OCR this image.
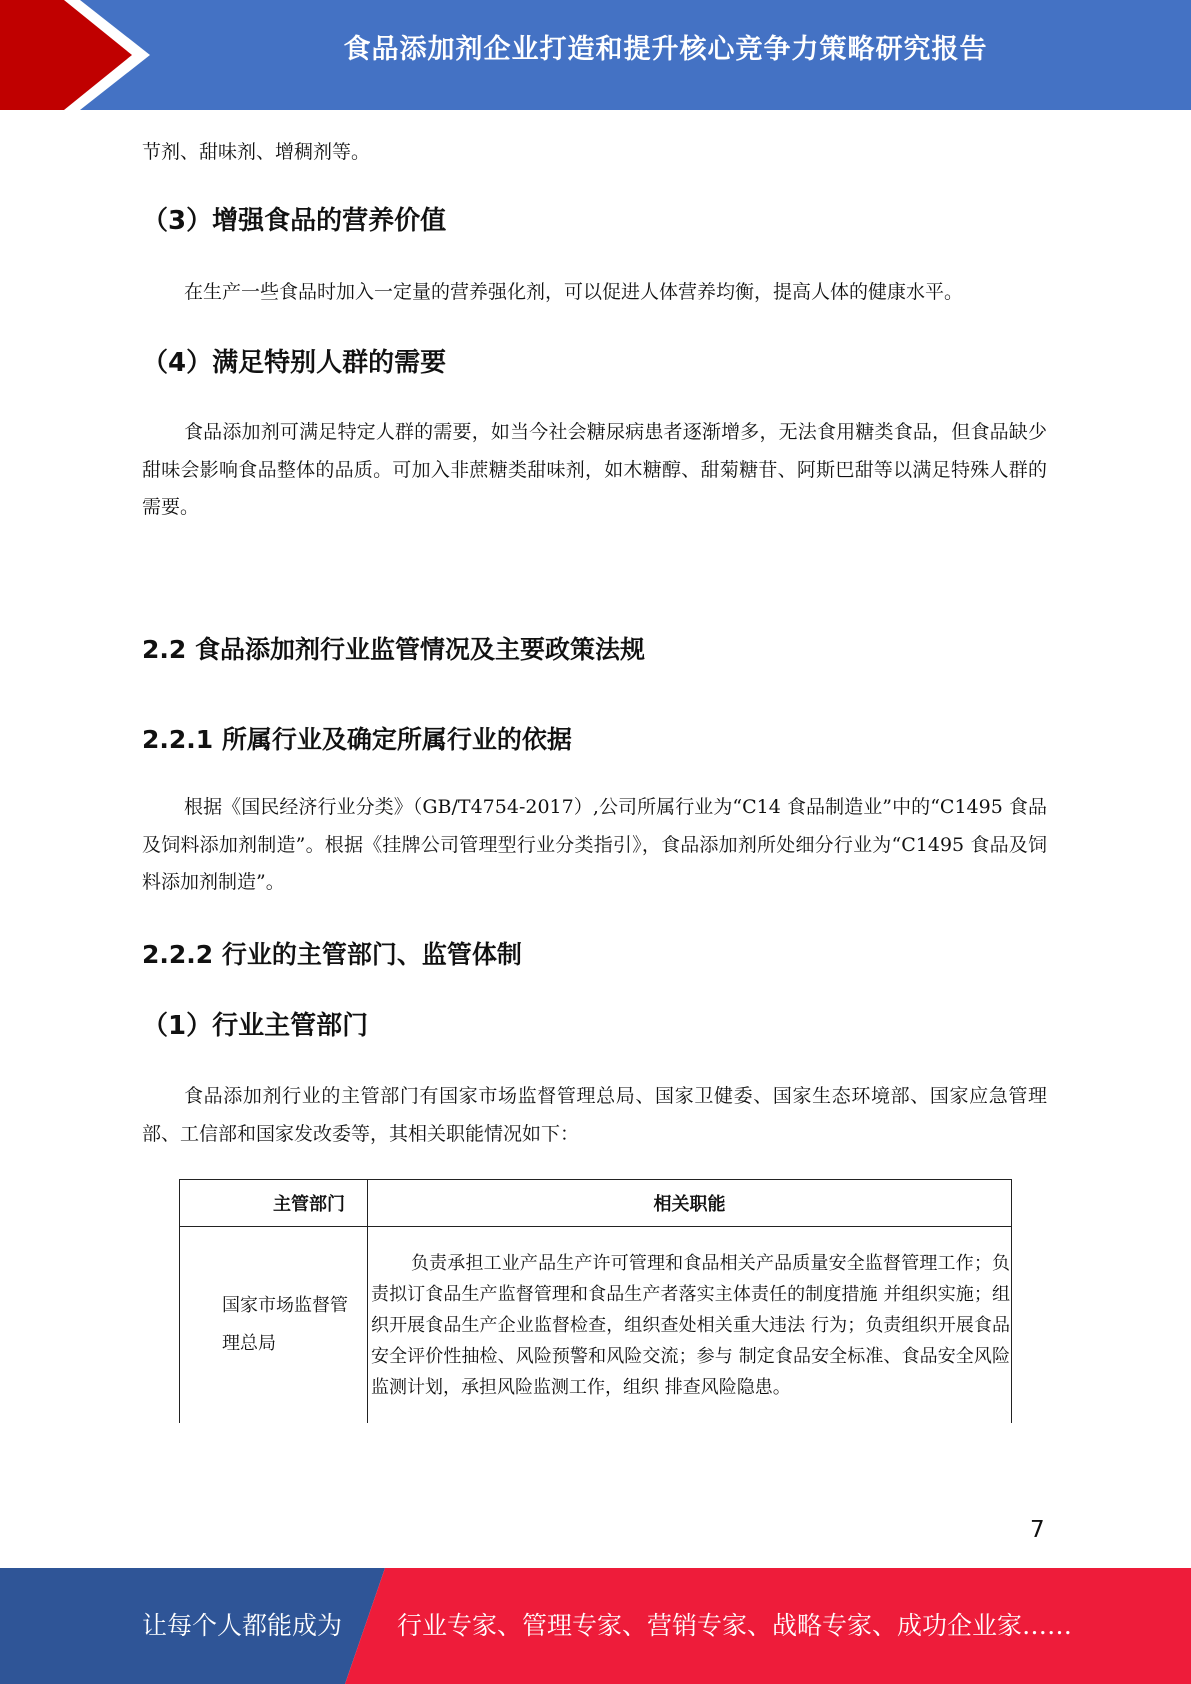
食品添加剂企业打造和提升核心竞争力策略研究报告

节剂、甜味剂、增稠剂等。

（3）增强食品的营养价值

在生产一些食品时加入一定量的营养强化剂，可以促进人体营养均衡，提高人体的健康水平。

（4）满足特别人群的需要

食品添加剂可满足特定人群的需要，如当今社会糖尿病患者逐渐增多，无法食用糖类食品，但食品缺少甜味会影响食品整体的品质。可加入非蔗糖类甜味剂，如木糖醇、甜菊糖苷、阿斯巴甜等以满足特殊人群的需要。

2.2 食品添加剂行业监管情况及主要政策法规
2.2.1 所属行业及确定所属行业的依据

根据《国民经济行业分类》（GB/T4754-2017）,公司所属行业为“C14 食品制造业”中的“C1495 食品及饲料添加剂制造”。根据《挂牌公司管理型行业分类指引》，食品添加剂所处细分行业为“C1495 食品及饲料添加剂制造”。

2.2.2 行业的主管部门、监管体制
（1）行业主管部门

食品添加剂行业的主管部门有国家市场监督管理总局、国家卫健委、国家生态环境部、国家应急管理部、工信部和国家发改委等，其相关职能情况如下：

主管部门	相关职能
国家市场监督管理总局	负责承担工业产品生产许可管理和食品相关产品质量安全监督管理工作；负责拟订食品生产监督管理和食品生产者落实主体责任的制度措施 并组织实施；组织开展食品生产企业监督检查，组织查处相关重大违法 行为；负责组织开展食品安全评价性抽检、风险预警和风险交流；参与 制定食品安全标准、食品安全风险监测计划，承担风险监测工作，组织 排查风险隐患。
7
让每个人都能成为 行业专家、管理专家、营销专家、战略专家、成功企业家……
